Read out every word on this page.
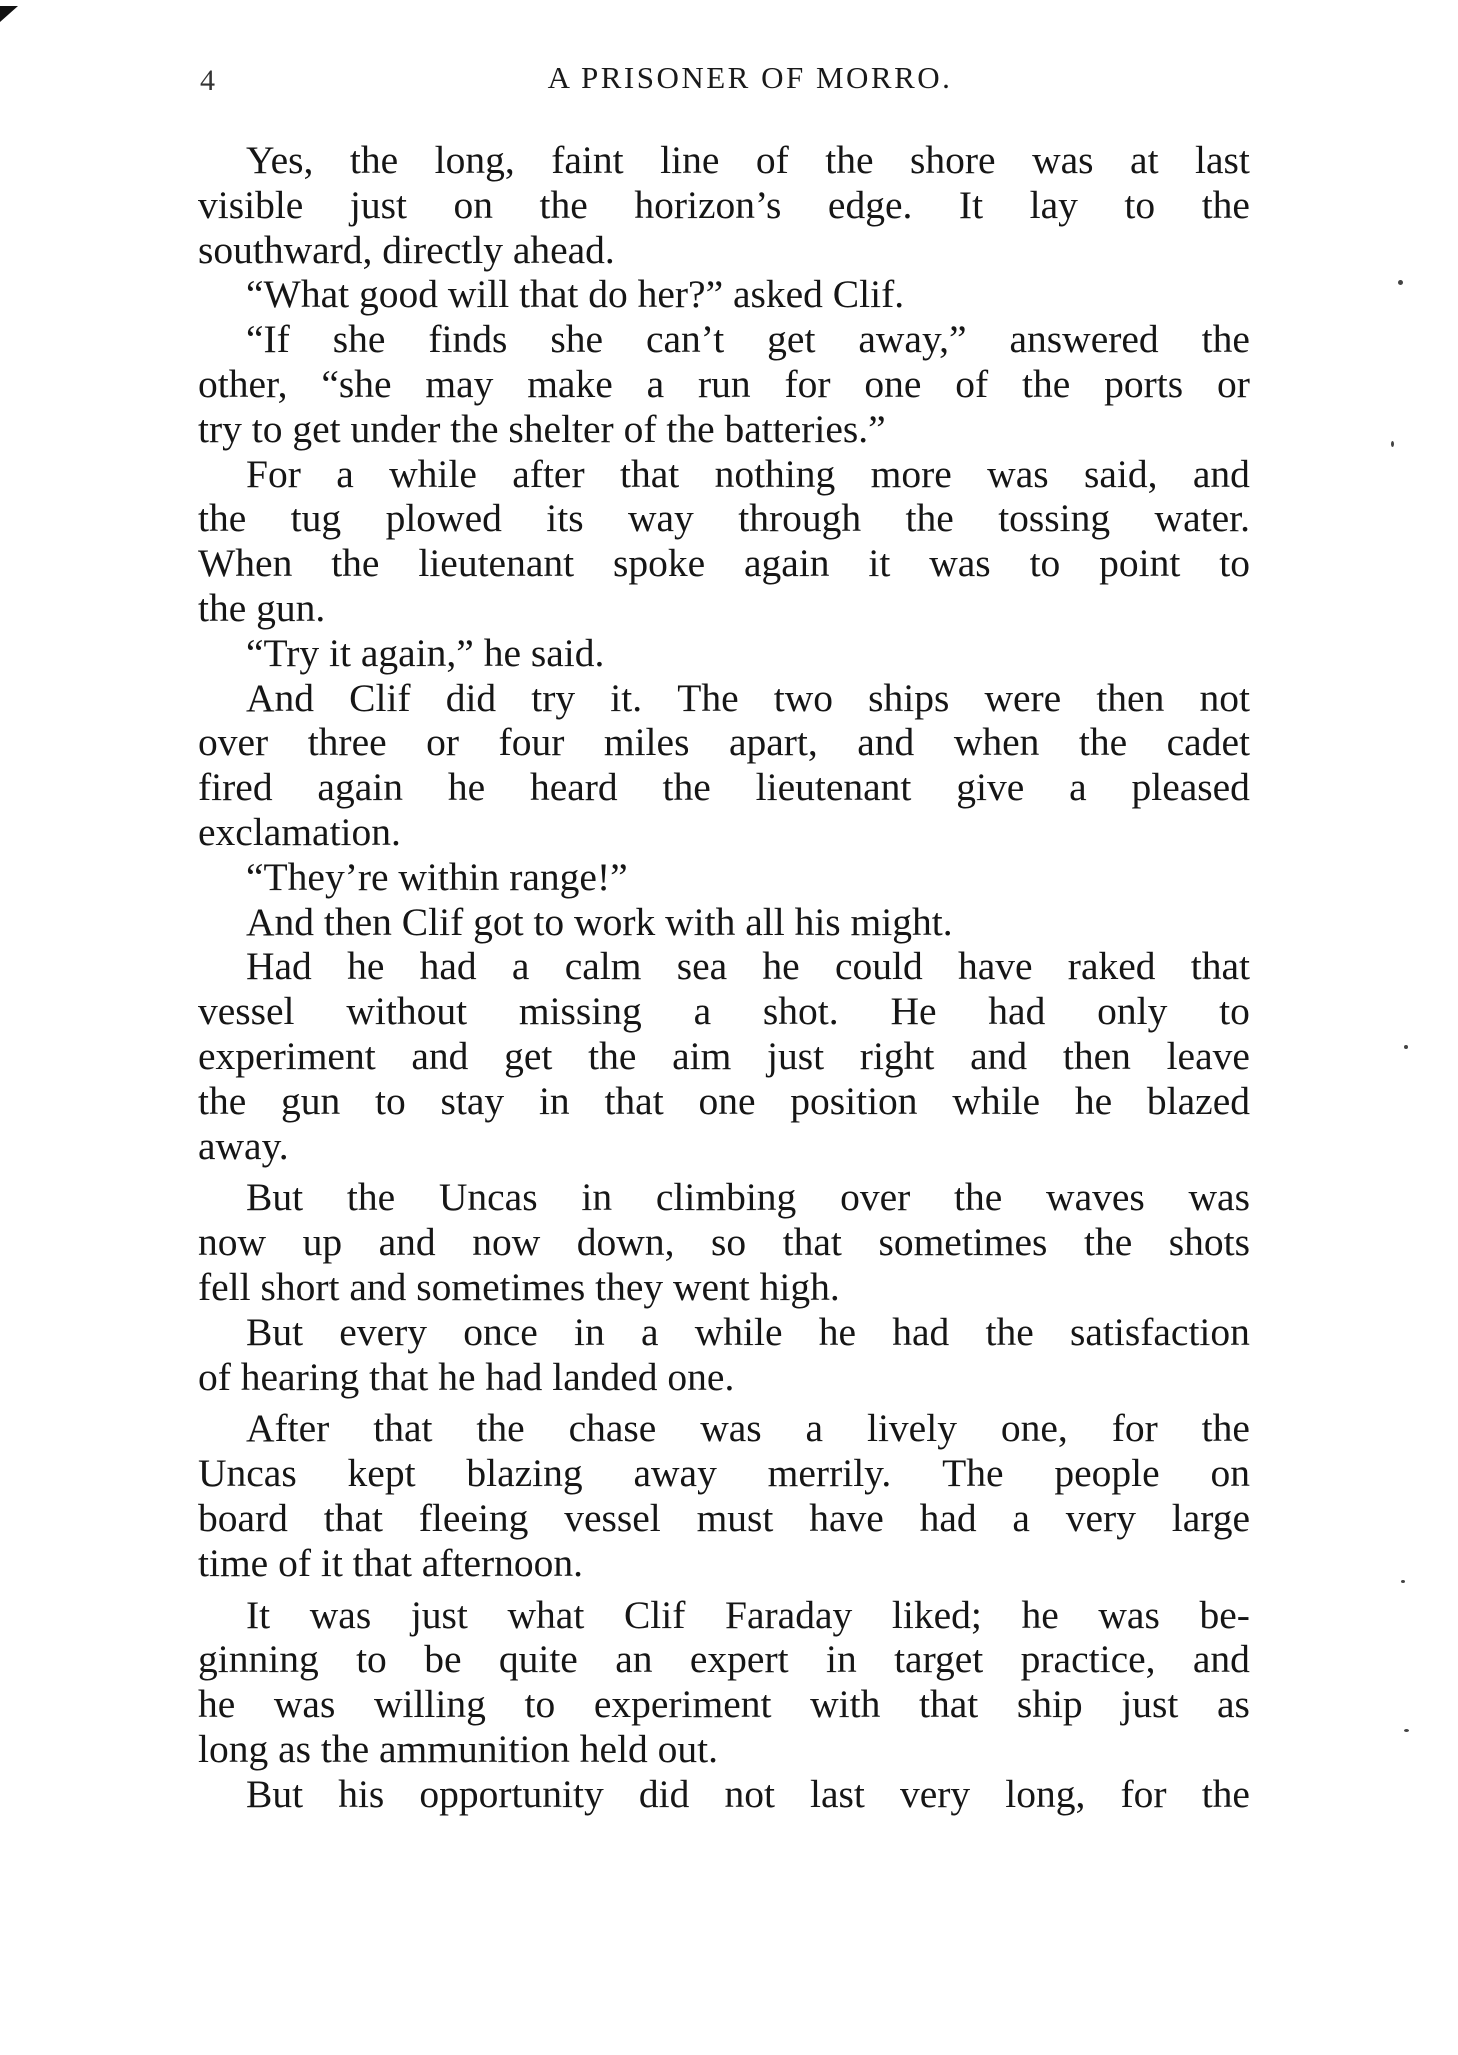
4	A PRISONER OF MORRO.
Yes, the long, faint line of the shore was at last
visible just on the horizon’s edge. It lay to the
southward, directly ahead.
“What good will that do her?” asked Clif.
“If she finds she can’t get away,” answered the
other, “she may make a run for one of the ports or
try to get under the shelter of the batteries.”
For a while after that nothing more was said, and
the tug plowed its way through the tossing water.
When the lieutenant spoke again it was to point to
the gun.
“Try it again,” he said.
And Clif did try it. The two ships were then not
over three or four miles apart, and when the cadet
fired again he heard the lieutenant give a pleased
exclamation.
“They’re within range!”
And then Clif got to work with all his might.
Had he had a calm sea he could have raked that
vessel without missing a shot. He had only to
experiment and get the aim just right and then leave
the gun to stay in that one position while he blazed
away.
But the Uncas in climbing over the waves was
now up and now down, so that sometimes the shots
fell short and sometimes they went high.
But every once in a while he had the satisfaction
of hearing that he had landed one.
After that the chase was a lively one, for the
Uncas kept blazing away merrily. The people on
board that fleeing vessel must have had a very large
time of it that afternoon.
It was just what Clif Faraday liked; he was be-
ginning to be quite an expert in target practice, and
he was willing to experiment with that ship just as
long as the ammunition held out.
But his opportunity did not last very long, for the
